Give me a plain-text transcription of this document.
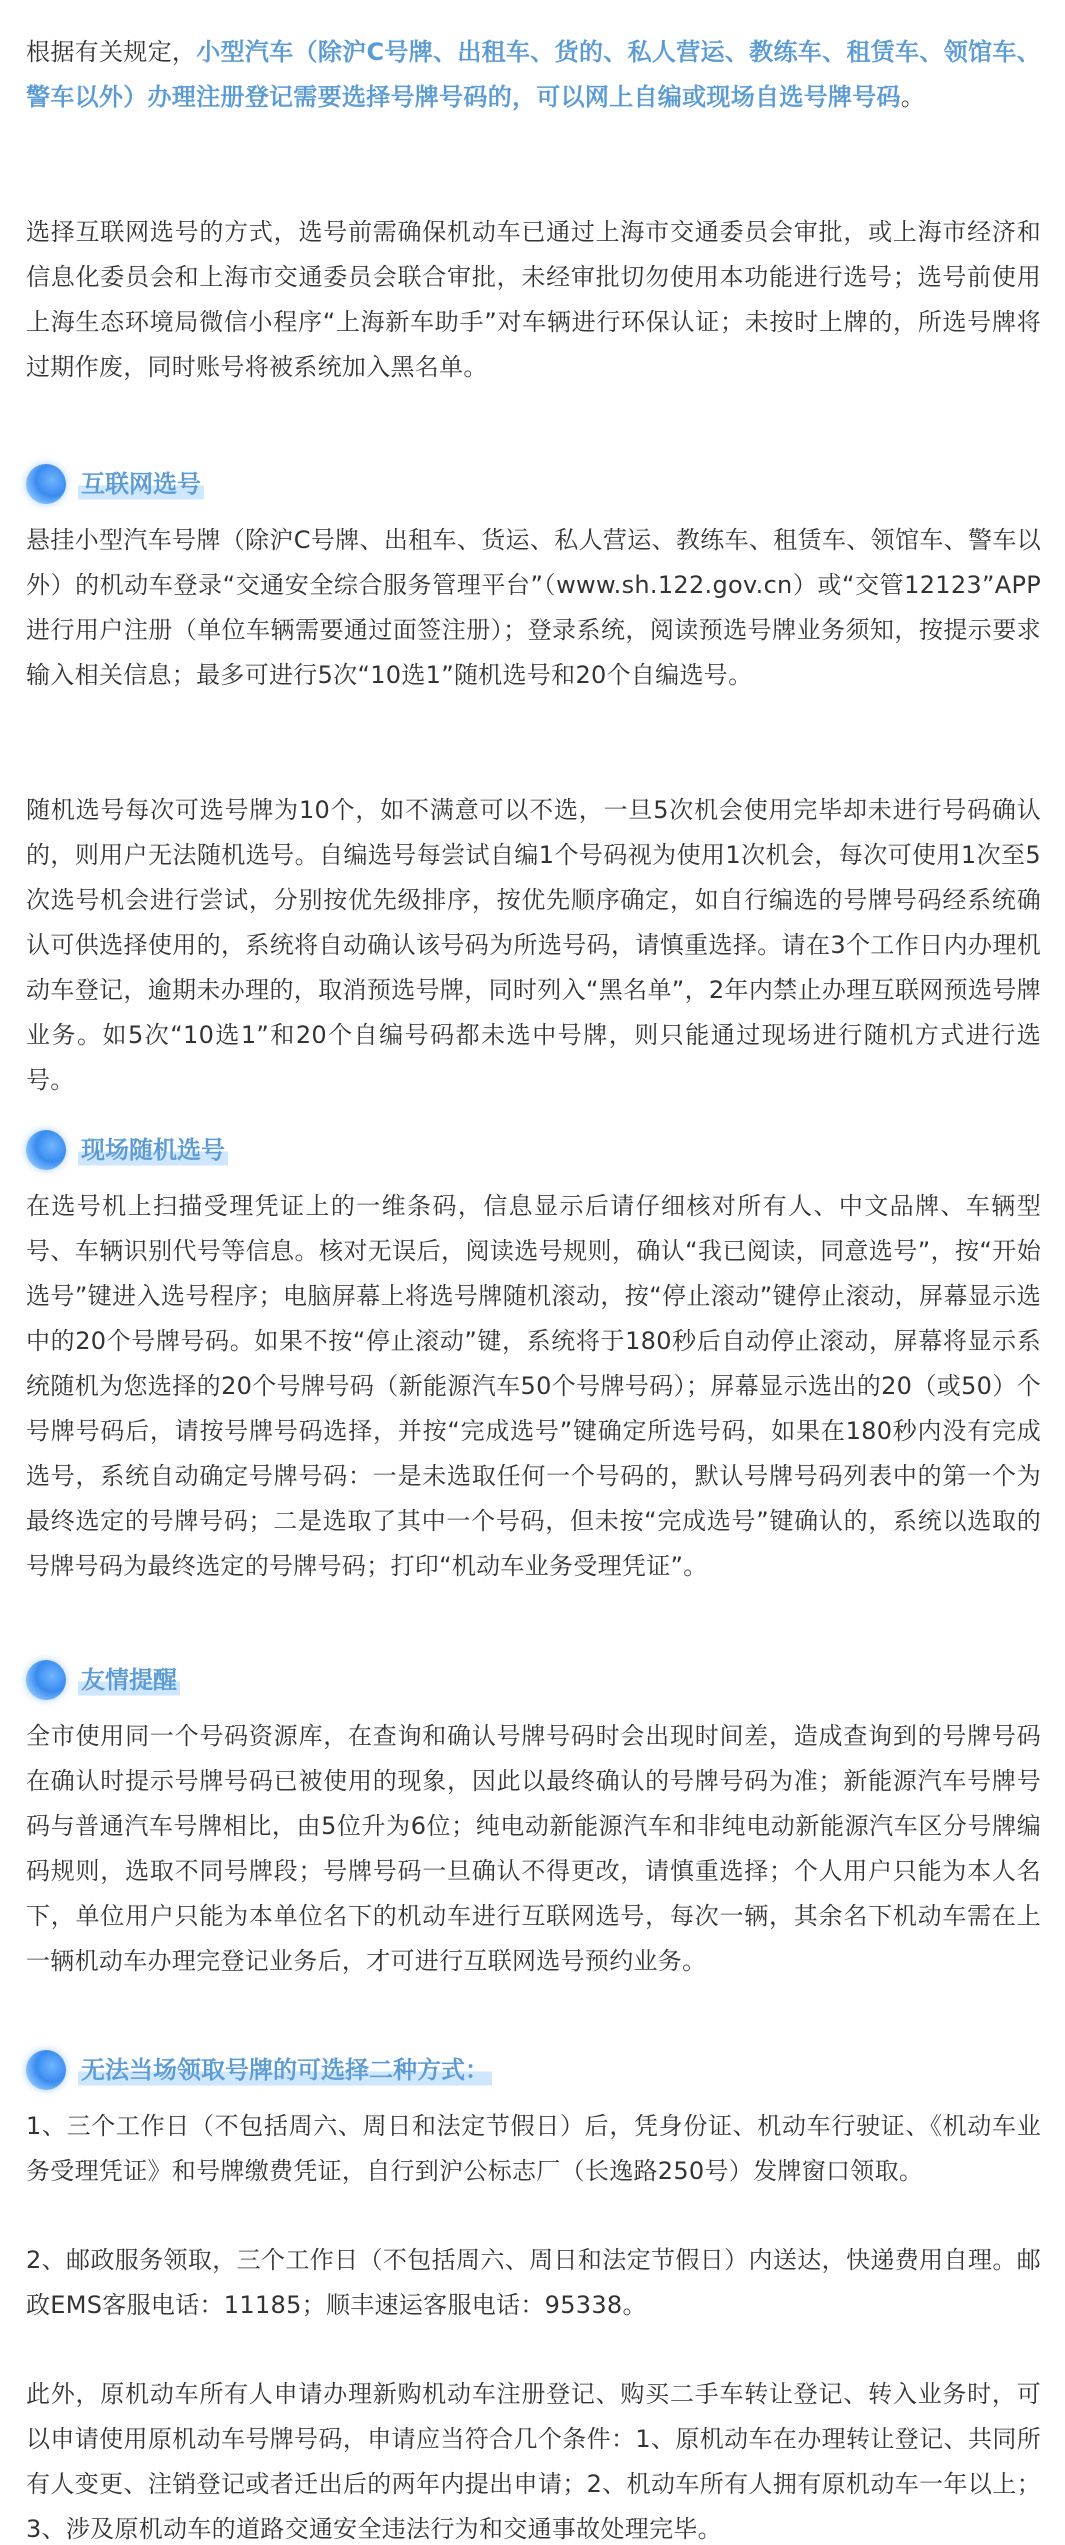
根据有关规定，小型汽车（除沪C号牌、出租车、货的、私人营运、教练车、租赁车、领馆车、警车以外）办理注册登记需要选择号牌号码的，可以网上自编或现场自选号牌号码。
选择互联网选号的方式，选号前需确保机动车已通过上海市交通委员会审批，或上海市经济和信息化委员会和上海市交通委员会联合审批，未经审批切勿使用本功能进行选号；选号前使用上海生态环境局微信小程序“上海新车助手”对车辆进行环保认证；未按时上牌的，所选号牌将过期作废，同时账号将被系统加入黑名单。
互联网选号
悬挂小型汽车号牌（除沪C号牌、出租车、货运、私人营运、教练车、租赁车、领馆车、警车以外）的机动车登录“交通安全综合服务管理平台”（www.sh.122.gov.cn）或“交管12123”APP进行用户注册（单位车辆需要通过面签注册）；登录系统，阅读预选号牌业务须知，按提示要求输入相关信息；最多可进行5次“10选1”随机选号和20个自编选号。
随机选号每次可选号牌为10个，如不满意可以不选，一旦5次机会使用完毕却未进行号码确认的，则用户无法随机选号。自编选号每尝试自编1个号码视为使用1次机会，每次可使用1次至5次选号机会进行尝试，分别按优先级排序，按优先顺序确定，如自行编选的号牌号码经系统确认可供选择使用的，系统将自动确认该号码为所选号码，请慎重选择。请在3个工作日内办理机动车登记，逾期未办理的，取消预选号牌，同时列入“黑名单”，2年内禁止办理互联网预选号牌业务。如5次“10选1”和20个自编号码都未选中号牌，则只能通过现场进行随机方式进行选号。
现场随机选号
在选号机上扫描受理凭证上的一维条码，信息显示后请仔细核对所有人、中文品牌、车辆型号、车辆识别代号等信息。核对无误后，阅读选号规则，确认“我已阅读，同意选号”，按“开始选号”键进入选号程序；电脑屏幕上将选号牌随机滚动，按“停止滚动”键停止滚动，屏幕显示选中的20个号牌号码。如果不按“停止滚动”键，系统将于180秒后自动停止滚动，屏幕将显示系统随机为您选择的20个号牌号码（新能源汽车50个号牌号码）；屏幕显示选出的20（或50）个号牌号码后，请按号牌号码选择，并按“完成选号”键确定所选号码，如果在180秒内没有完成选号，系统自动确定号牌号码：一是未选取任何一个号码的，默认号牌号码列表中的第一个为最终选定的号牌号码；二是选取了其中一个号码，但未按“完成选号”键确认的，系统以选取的号牌号码为最终选定的号牌号码；打印“机动车业务受理凭证”。
友情提醒
全市使用同一个号码资源库，在查询和确认号牌号码时会出现时间差，造成查询到的号牌号码在确认时提示号牌号码已被使用的现象，因此以最终确认的号牌号码为准；新能源汽车号牌号码与普通汽车号牌相比，由5位升为6位；纯电动新能源汽车和非纯电动新能源汽车区分号牌编码规则，选取不同号牌段；号牌号码一旦确认不得更改，请慎重选择；个人用户只能为本人名下，单位用户只能为本单位名下的机动车进行互联网选号，每次一辆，其余名下机动车需在上一辆机动车办理完登记业务后，才可进行互联网选号预约业务。
无法当场领取号牌的可选择二种方式：
1、三个工作日（不包括周六、周日和法定节假日）后，凭身份证、机动车行驶证、《机动车业务受理凭证》和号牌缴费凭证，自行到沪公标志厂（长逸路250号）发牌窗口领取。
2、邮政服务领取，三个工作日（不包括周六、周日和法定节假日）内送达，快递费用自理。邮政EMS客服电话：11185；顺丰速运客服电话：95338。
此外，原机动车所有人申请办理新购机动车注册登记、购买二手车转让登记、转入业务时，可以申请使用原机动车号牌号码，申请应当符合几个条件：1、原机动车在办理转让登记、共同所有人变更、注销登记或者迁出后的两年内提出申请；2、机动车所有人拥有原机动车一年以上；3、涉及原机动车的道路交通安全违法行为和交通事故处理完毕。
